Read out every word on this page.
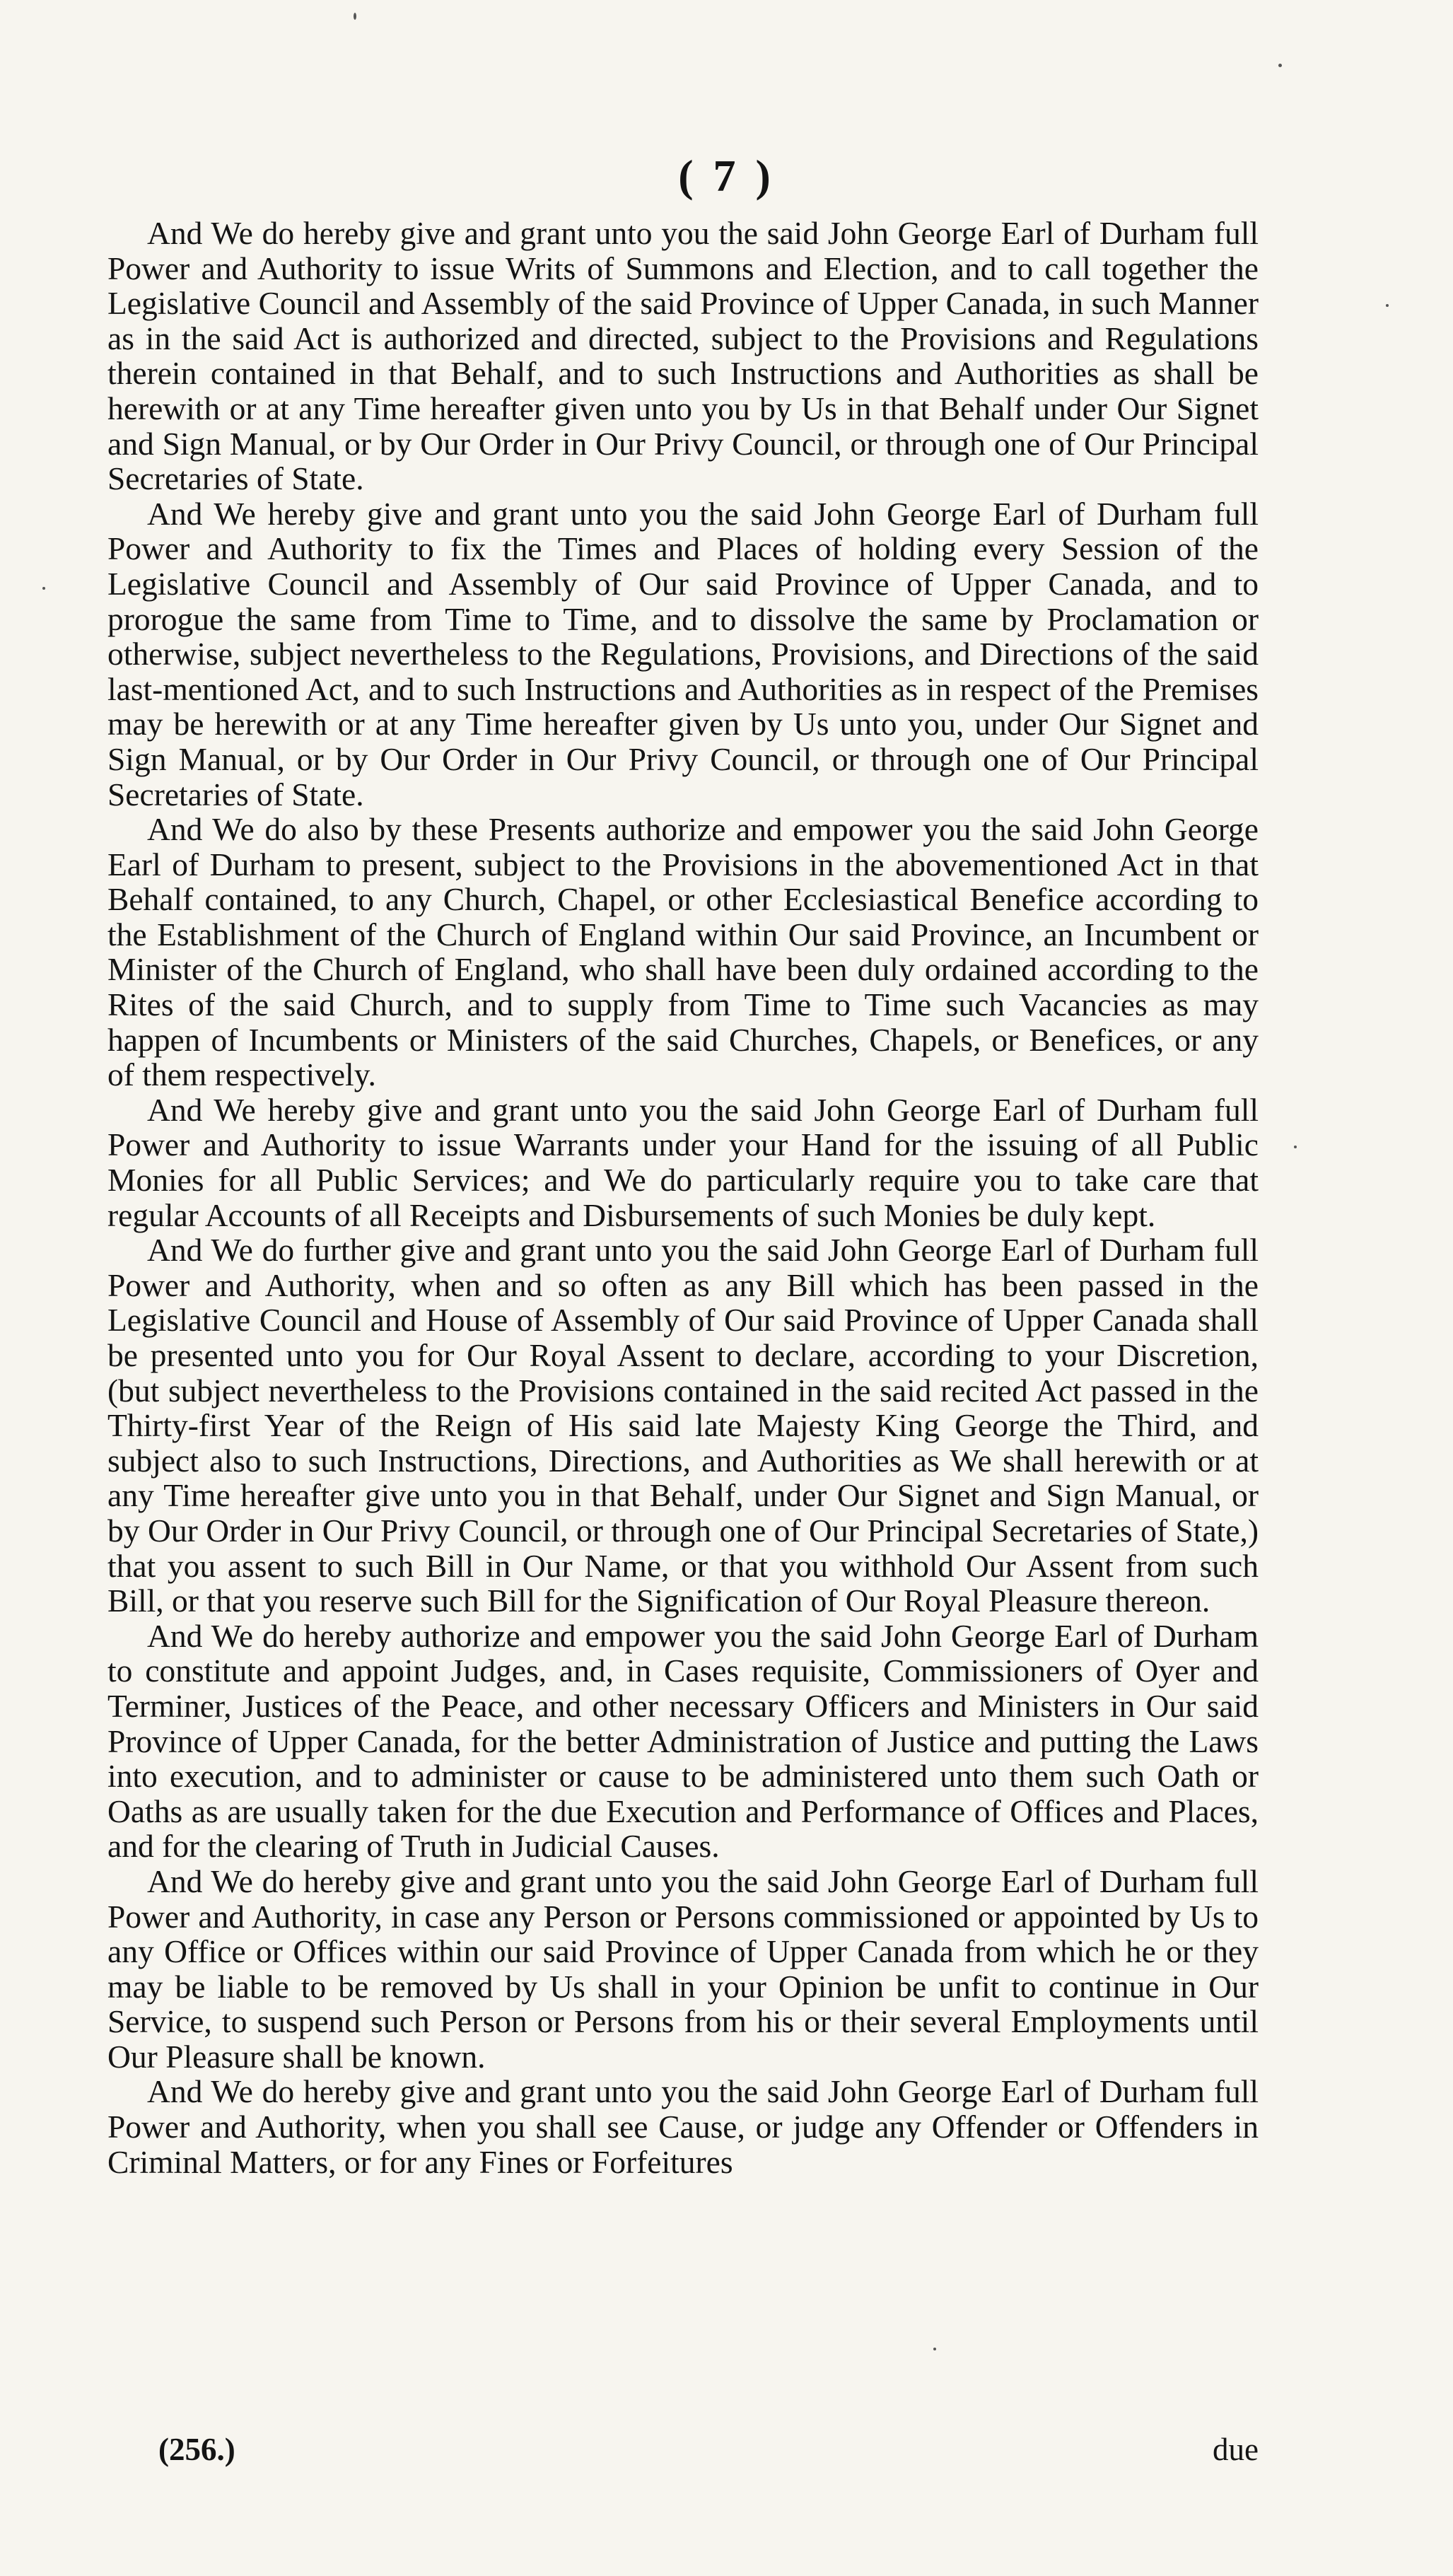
( 7 )

And We do hereby give and grant unto you the said John George Earl of Durham full Power and Authority to issue Writs of Summons and Election, and to call together the Legislative Council and Assembly of the said Province of Upper Canada, in such Manner as in the said Act is authorized and directed, subject to the Provisions and Regulations therein contained in that Behalf, and to such Instructions and Authorities as shall be herewith or at any Time hereafter given unto you by Us in that Behalf under Our Signet and Sign Manual, or by Our Order in Our Privy Council, or through one of Our Principal Secretaries of State.

And We hereby give and grant unto you the said John George Earl of Durham full Power and Authority to fix the Times and Places of holding every Session of the Legislative Council and Assembly of Our said Province of Upper Canada, and to prorogue the same from Time to Time, and to dissolve the same by Proclamation or otherwise, subject nevertheless to the Regulations, Provisions, and Directions of the said last-mentioned Act, and to such Instructions and Authorities as in respect of the Premises may be herewith or at any Time hereafter given by Us unto you, under Our Signet and Sign Manual, or by Our Order in Our Privy Council, or through one of Our Principal Secretaries of State.

And We do also by these Presents authorize and empower you the said John George Earl of Durham to present, subject to the Provisions in the abovementioned Act in that Behalf contained, to any Church, Chapel, or other Ecclesiastical Benefice according to the Establishment of the Church of England within Our said Province, an Incumbent or Minister of the Church of England, who shall have been duly ordained according to the Rites of the said Church, and to supply from Time to Time such Vacancies as may happen of Incumbents or Ministers of the said Churches, Chapels, or Benefices, or any of them respectively.

And We hereby give and grant unto you the said John George Earl of Durham full Power and Authority to issue Warrants under your Hand for the issuing of all Public Monies for all Public Services; and We do particularly require you to take care that regular Accounts of all Receipts and Disbursements of such Monies be duly kept.

And We do further give and grant unto you the said John George Earl of Durham full Power and Authority, when and so often as any Bill which has been passed in the Legislative Council and House of Assembly of Our said Province of Upper Canada shall be presented unto you for Our Royal Assent to declare, according to your Discretion, (but subject nevertheless to the Provisions contained in the said recited Act passed in the Thirty-first Year of the Reign of His said late Majesty King George the Third, and subject also to such Instructions, Directions, and Authorities as We shall herewith or at any Time hereafter give unto you in that Behalf, under Our Signet and Sign Manual, or by Our Order in Our Privy Council, or through one of Our Principal Secretaries of State,) that you assent to such Bill in Our Name, or that you withhold Our Assent from such Bill, or that you reserve such Bill for the Signification of Our Royal Pleasure thereon.

And We do hereby authorize and empower you the said John George Earl of Durham to constitute and appoint Judges, and, in Cases requisite, Commissioners of Oyer and Terminer, Justices of the Peace, and other necessary Officers and Ministers in Our said Province of Upper Canada, for the better Administration of Justice and putting the Laws into execution, and to administer or cause to be administered unto them such Oath or Oaths as are usually taken for the due Execution and Performance of Offices and Places, and for the clearing of Truth in Judicial Causes.

And We do hereby give and grant unto you the said John George Earl of Durham full Power and Authority, in case any Person or Persons commissioned or appointed by Us to any Office or Offices within our said Province of Upper Canada from which he or they may be liable to be removed by Us shall in your Opinion be unfit to continue in Our Service, to suspend such Person or Persons from his or their several Employments until Our Pleasure shall be known.

And We do hereby give and grant unto you the said John George Earl of Durham full Power and Authority, when you shall see Cause, or judge any Offender or Offenders in Criminal Matters, or for any Fines or Forfeitures

(256.)	due
